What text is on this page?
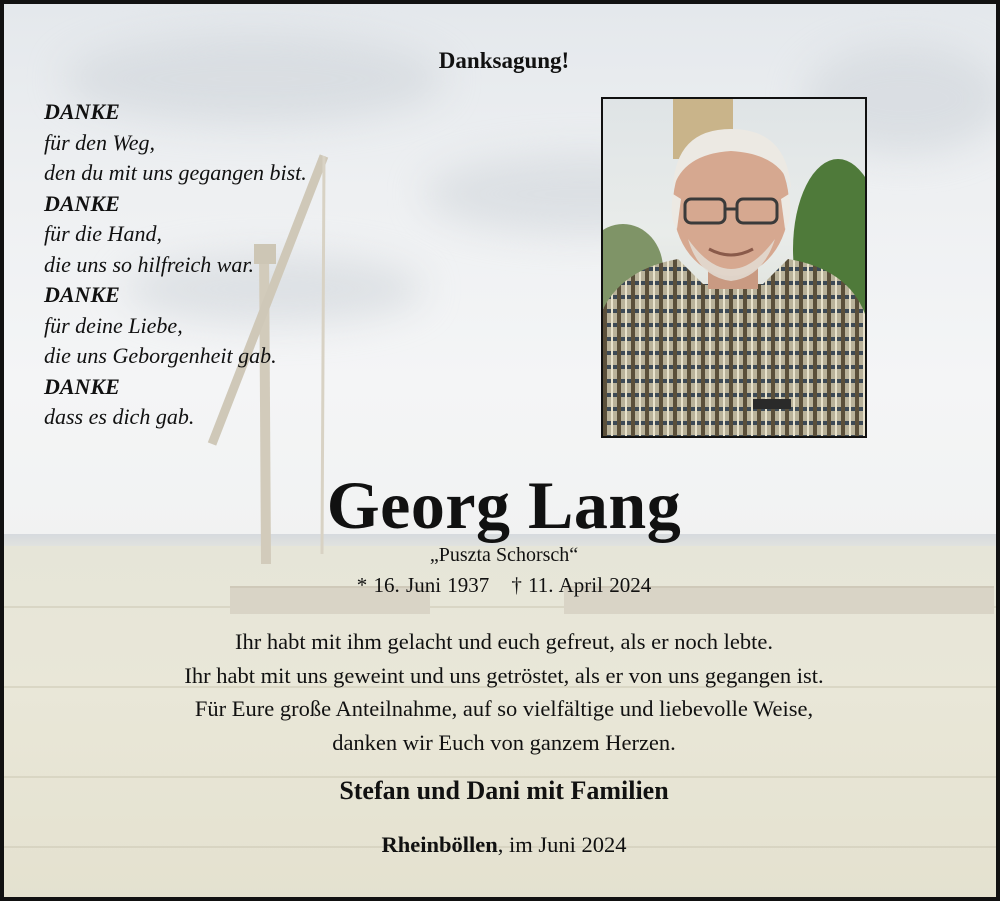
Danksagung!
DANKE
für den Weg,
den du mit uns gegangen bist.
DANKE
für die Hand,
die uns so hilfreich war.
DANKE
für deine Liebe,
die uns Geborgenheit gab.
DANKE
dass es dich gab.
Georg Lang
„Puszta Schorsch“
* 16. Juni 1937 † 11. April 2024
Ihr habt mit ihm gelacht und euch gefreut, als er noch lebte.
Ihr habt mit uns geweint und uns getröstet, als er von uns gegangen ist.
Für Eure große Anteilnahme, auf so vielfältige und liebevolle Weise,
danken wir Euch von ganzem Herzen.
Stefan und Dani mit Familien
Rheinböllen, im Juni 2024
